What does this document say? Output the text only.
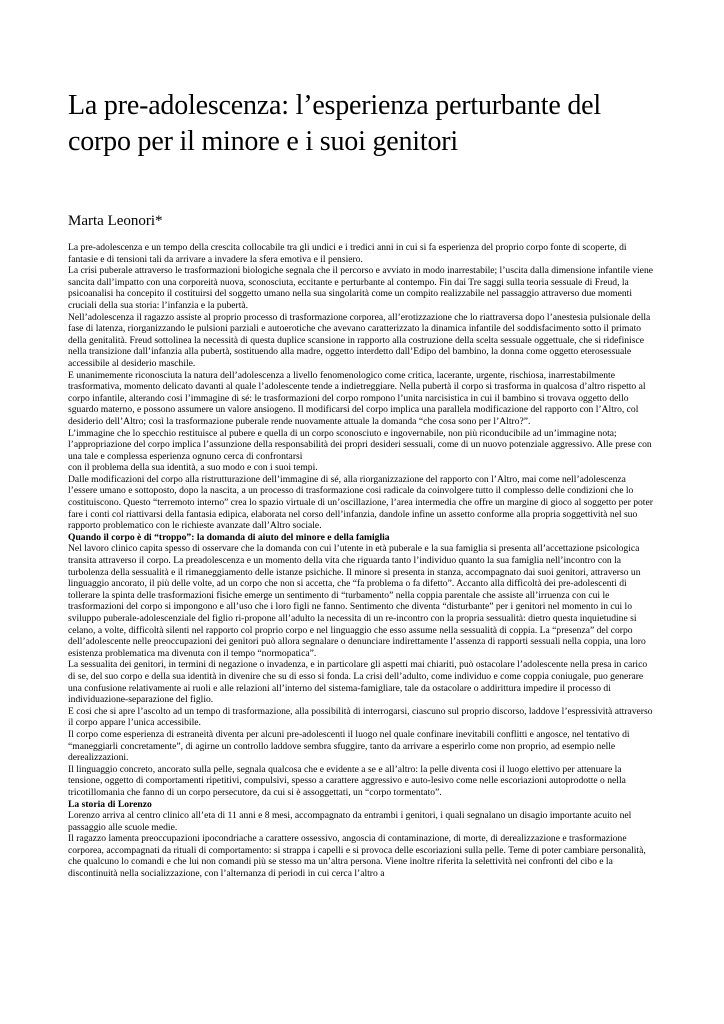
La pre-adolescenza: l’esperienza perturbante del
corpo per il minore e i suoi genitori
Marta Leonori*

La pre-adolescenza e un tempo della crescita collocabile tra gli undici e i tredici anni in cui si fa esperienza del proprio corpo fonte di scoperte, di fantasie e di tensioni tali da arrivare a invadere la sfera emotiva e il pensiero.

La crisi puberale attraverso le trasformazioni biologiche segnala che il percorso e avviato in modo inarrestabile; l’uscita dalla dimensione infantile viene sancita dall’impatto con una corporeità nuova, sconosciuta, eccitante e perturbante al contempo. Fin dai Tre saggi sulla teoria sessuale di Freud, la psicoanalisi ha concepito il costituirsi del soggetto umano nella sua singolarità come un compito realizzabile nel passaggio attraverso due momenti cruciali della sua storia: l’infanzia e la pubertà.

Nell’adolescenza il ragazzo assiste al proprio processo di trasformazione corporea, all’erotizzazione che lo riattraversa dopo l’anestesia pulsionale della fase di latenza, riorganizzando le pulsioni parziali e autoerotiche che avevano caratterizzato la dinamica infantile del soddisfacimento sotto il primato della genitalità. Freud sottolinea la necessità di questa duplice scansione in rapporto alla costruzione della scelta sessuale oggettuale, che si ridefinisce nella transizione dall’infanzia alla pubertà, sostituendo alla madre, oggetto interdetto dall’Edipo del bambino, la donna come oggetto eterosessuale accessibile al desiderio maschile.

E unanimemente riconosciuta la natura dell’adolescenza a livello fenomenologico come critica, lacerante, urgente, rischiosa, inarrestabilmente trasformativa, momento delicato davanti al quale l’adolescente tende a indietreggiare. Nella pubertà il corpo si trasforma in qualcosa d’altro rispetto al corpo infantile, alterando cosi l’immagine di sé: le trasformazioni del corpo rompono l’unita narcisistica in cui il bambino si trovava oggetto dello sguardo materno, e possono assumere un valore ansiogeno. Il modificarsi del corpo implica una parallela modificazione del rapporto con l’Altro, col desiderio dell’Altro; così la trasformazione puberale rende nuovamente attuale la domanda “che cosa sono per l’Altro?”.

L’immagine che lo specchio restituisce al pubere e quella di un corpo sconosciuto e ingovernabile, non più riconducibile ad un’immagine nota; l’appropriazione del corpo implica l’assunzione della responsabilità dei propri desideri sessuali, come di un nuovo potenziale aggressivo. Alle prese con una tale e complessa esperienza ognuno cerca di confrontarsi

con il problema della sua identità, a suo modo e con i suoi tempi.

Dalle modificazioni del corpo alla ristrutturazione dell’immagine di sé, alla riorganizzazione del rapporto con l’Altro, mai come nell’adolescenza l’essere umano e sottoposto, dopo la nascita, a un processo di trasformazione cosi radicale da coinvolgere tutto il complesso delle condizioni che lo costituiscono. Questo “terremoto interno” crea lo spazio virtuale di un’oscillazione, l’area intermedia che offre un margine di gioco al soggetto per poter fare i conti col riattivarsi della fantasia edipica, elaborata nel corso dell’infanzia, dandole infine un assetto conforme alla propria soggettività nel suo rapporto problematico con le richieste avanzate dall’Altro sociale.

Quando il corpo è di “troppo”: la domanda di aiuto del minore e della famiglia

Nel lavoro clinico capita spesso di osservare che la domanda con cui l’utente in età puberale e la sua famiglia si presenta all’accettazione psicologica transita attraverso il corpo. La preadolescenza e un momento della vita che riguarda tanto l’individuo quanto la sua famiglia nell’incontro con la turbolenza della sessualità e il rimaneggiamento delle istanze psichiche. Il minore si presenta in stanza, accompagnato dai suoi genitori, attraverso un linguaggio ancorato, il più delle volte, ad un corpo che non si accetta, che “fa problema o fa difetto”. Accanto alla difficoltà dei pre-adolescenti di tollerare la spinta delle trasformazioni fisiche emerge un sentimento di “turbamento” nella coppia parentale che assiste all’irruenza con cui le trasformazioni del corpo si impongono e all’uso che i loro figli ne fanno. Sentimento che diventa “disturbante” per i genitori nel momento in cui lo sviluppo puberale-adolescenziale del figlio ri-propone all’adulto la necessita di un re-incontro con la propria sessualità: dietro questa inquietudine si celano, a volte, difficoltà silenti nel rapporto col proprio corpo e nel linguaggio che esso assume nella sessualità di coppia. La “presenza” del corpo dell’adolescente nelle preoccupazioni dei genitori può allora segnalare o denunciare indirettamente l’assenza di rapporti sessuali nella coppia, una loro esistenza problematica ma divenuta con il tempo “normopatica”.

La sessualita dei genitori, in termini di negazione o invadenza, e in particolare gli aspetti mai chiariti, può ostacolare l’adolescente nella presa in carico di se, del suo corpo e della sua identità in divenire che su di esso si fonda. La crisi dell’adulto, come individuo e come coppia coniugale, puo generare una confusione relativamente ai ruoli e alle relazioni all’interno del sistema-famigliare, tale da ostacolare o addirittura impedire il processo di individuazione-separazione del figlio.

E cosi che si apre l’ascolto ad un tempo di trasformazione, alla possibilità di interrogarsi, ciascuno sul proprio discorso, laddove l’espressività attraverso il corpo appare l’unica accessibile.

Il corpo come esperienza di estraneità diventa per alcuni pre-adolescenti il luogo nel quale confinare inevitabili conflitti e angosce, nel tentativo di “maneggiarli concretamente”, di agirne un controllo laddove sembra sfuggire, tanto da arrivare a esperirlo come non proprio, ad esempio nelle derealizzazioni.

Il linguaggio concreto, ancorato sulla pelle, segnala qualcosa che e evidente a se e all’altro: la pelle diventa cosi il luogo elettivo per attenuare la tensione, oggetto di comportamenti ripetitivi, compulsivi, spesso a carattere aggressivo e auto-lesivo come nelle escoriazioni autoprodotte o nella tricotillomania che fanno di un corpo persecutore, da cui si è assoggettati, un “corpo tormentato”.

La storia di Lorenzo

Lorenzo arriva al centro clinico all’eta di 11 anni e 8 mesi, accompagnato da entrambi i genitori, i quali segnalano un disagio importante acuito nel passaggio alle scuole medie.

Il ragazzo lamenta preoccupazioni ipocondriache a carattere ossessivo, angoscia di contaminazione, di morte, di derealizzazione e trasformazione corporea, accompagnati da rituali di comportamento: si strappa i capelli e si provoca delle escoriazioni sulla pelle. Teme di poter cambiare personalità, che qualcuno lo comandi e che lui non comandi più se stesso ma un’altra persona. Viene inoltre riferita la selettività nei confronti del cibo e la discontinuità nella socializzazione, con l’alternanza di periodi in cui cerca l’altro a
